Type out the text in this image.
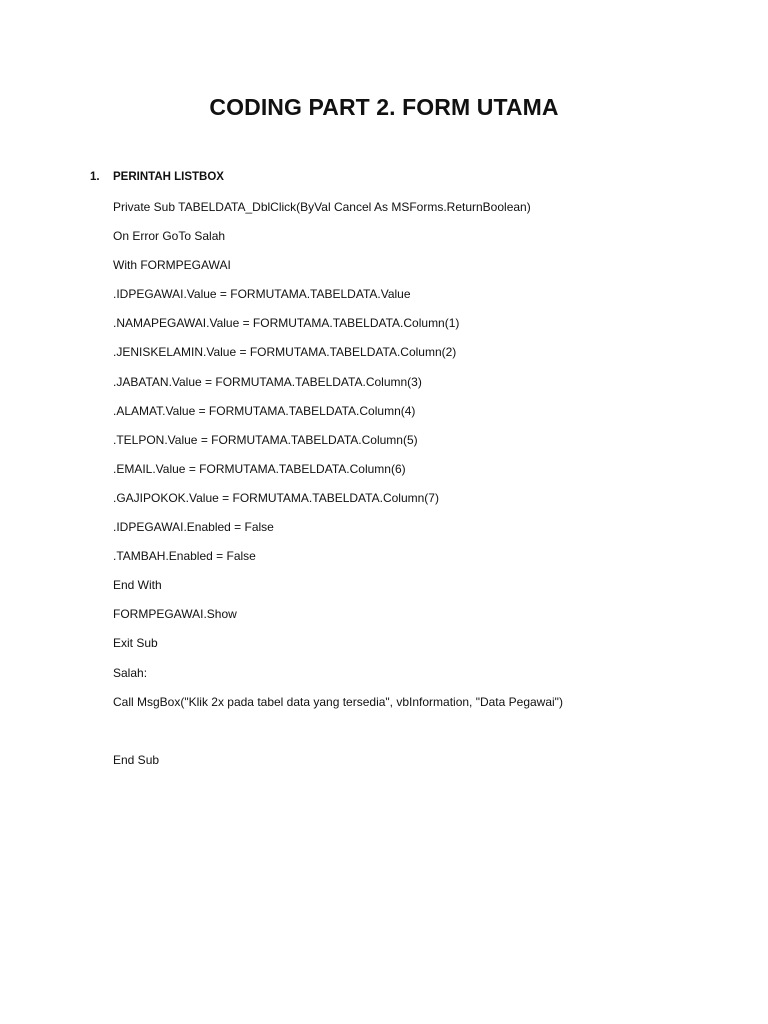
CODING PART 2. FORM UTAMA
1. PERINTAH LISTBOX
Private Sub TABELDATA_DblClick(ByVal Cancel As MSForms.ReturnBoolean)
On Error GoTo Salah
With FORMPEGAWAI
.IDPEGAWAI.Value = FORMUTAMA.TABELDATA.Value
.NAMAPEGAWAI.Value = FORMUTAMA.TABELDATA.Column(1)
.JENISKELAMIN.Value = FORMUTAMA.TABELDATA.Column(2)
.JABATAN.Value = FORMUTAMA.TABELDATA.Column(3)
.ALAMAT.Value = FORMUTAMA.TABELDATA.Column(4)
.TELPON.Value = FORMUTAMA.TABELDATA.Column(5)
.EMAIL.Value = FORMUTAMA.TABELDATA.Column(6)
.GAJIPOKOK.Value = FORMUTAMA.TABELDATA.Column(7)
.IDPEGAWAI.Enabled = False
.TAMBAH.Enabled = False
End With
FORMPEGAWAI.Show
Exit Sub
Salah:
Call MsgBox("Klik 2x pada tabel data yang tersedia", vbInformation, "Data Pegawai")
End Sub
